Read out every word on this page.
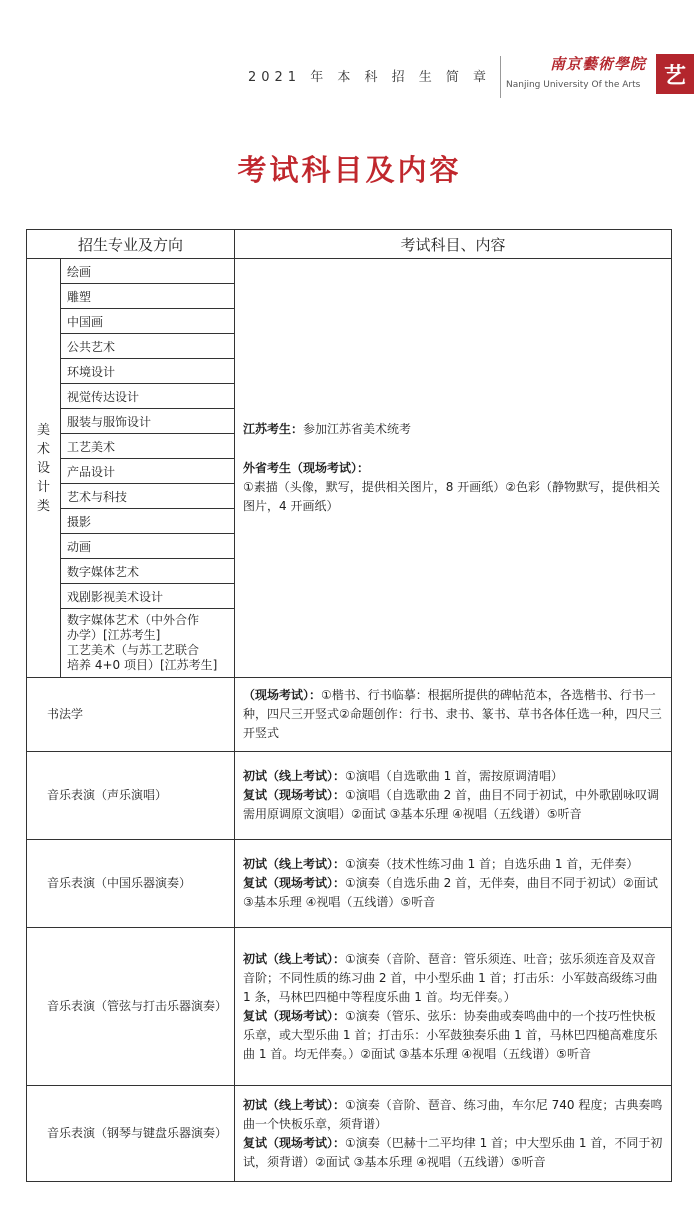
2021 年 本 科 招 生 简 章
南京藝術學院
Nanjing University Of the Arts	艺
考试科目及内容
招生专业及方向		考试科目、内容

美
术
设
计
类	绘画	江苏考生：参加江苏省美术统考
外省考生（现场考试）：
①素描（头像，默写，提供相关图片，8 开画纸）②色彩（静物默写，提供相关图片，4 开画纸）

	雕塑	
	中国画	
	公共艺术	
	环境设计	
	视觉传达设计	
	服装与服饰设计	
	工艺美术	
	产品设计	
	艺术与科技	
	摄影	
	动画	
	数字媒体艺术	
	戏剧影视美术设计	

	数字媒体艺术（中外合作
办学）[江苏考生]
工艺美术（与苏工艺联合
培养 4+0 项目）[江苏考生]	

书法学		（现场考试）：①楷书、行书临摹：根据所提供的碑帖范本，各选楷书、行书一种，四尺三开竖式②命题创作：行书、隶书、篆书、草书各体任选一种，四尺三开竖式
音乐表演（声乐演唱）		初试（线上考试）：①演唱（自选歌曲 1 首，需按原调清唱）
复试（现场考试）：①演唱（自选歌曲 2 首，曲目不同于初试，中外歌剧咏叹调需用原调原文演唱）②面试 ③基本乐理 ④视唱（五线谱）⑤听音

音乐表演（中国乐器演奏）		初试（线上考试）：①演奏（技术性练习曲 1 首；自选乐曲 1 首，无伴奏）
复试（现场考试）：①演奏（自选乐曲 2 首，无伴奏，曲目不同于初试）②面试 ③基本乐理 ④视唱（五线谱）⑤听音

音乐表演（管弦与打击乐器演奏）		初试（线上考试）：①演奏（音阶、琶音：管乐须连、吐音；弦乐须连音及双音音阶；不同性质的练习曲 2 首，中小型乐曲 1 首；打击乐：小军鼓高级练习曲 1 条，马林巴四槌中等程度乐曲 1 首。均无伴奏。）
复试（现场考试）：①演奏（管乐、弦乐：协奏曲或奏鸣曲中的一个技巧性快板乐章，或大型乐曲 1 首；打击乐：小军鼓独奏乐曲 1 首，马林巴四槌高难度乐曲 1 首。均无伴奏。）②面试 ③基本乐理 ④视唱（五线谱）⑤听音

音乐表演（钢琴与键盘乐器演奏）		初试（线上考试）：①演奏（音阶、琶音、练习曲，车尔尼 740 程度；古典奏鸣曲一个快板乐章，须背谱）
复试（现场考试）：①演奏（巴赫十二平均律 1 首；中大型乐曲 1 首，不同于初试，须背谱）②面试 ③基本乐理 ④视唱（五线谱）⑤听音
